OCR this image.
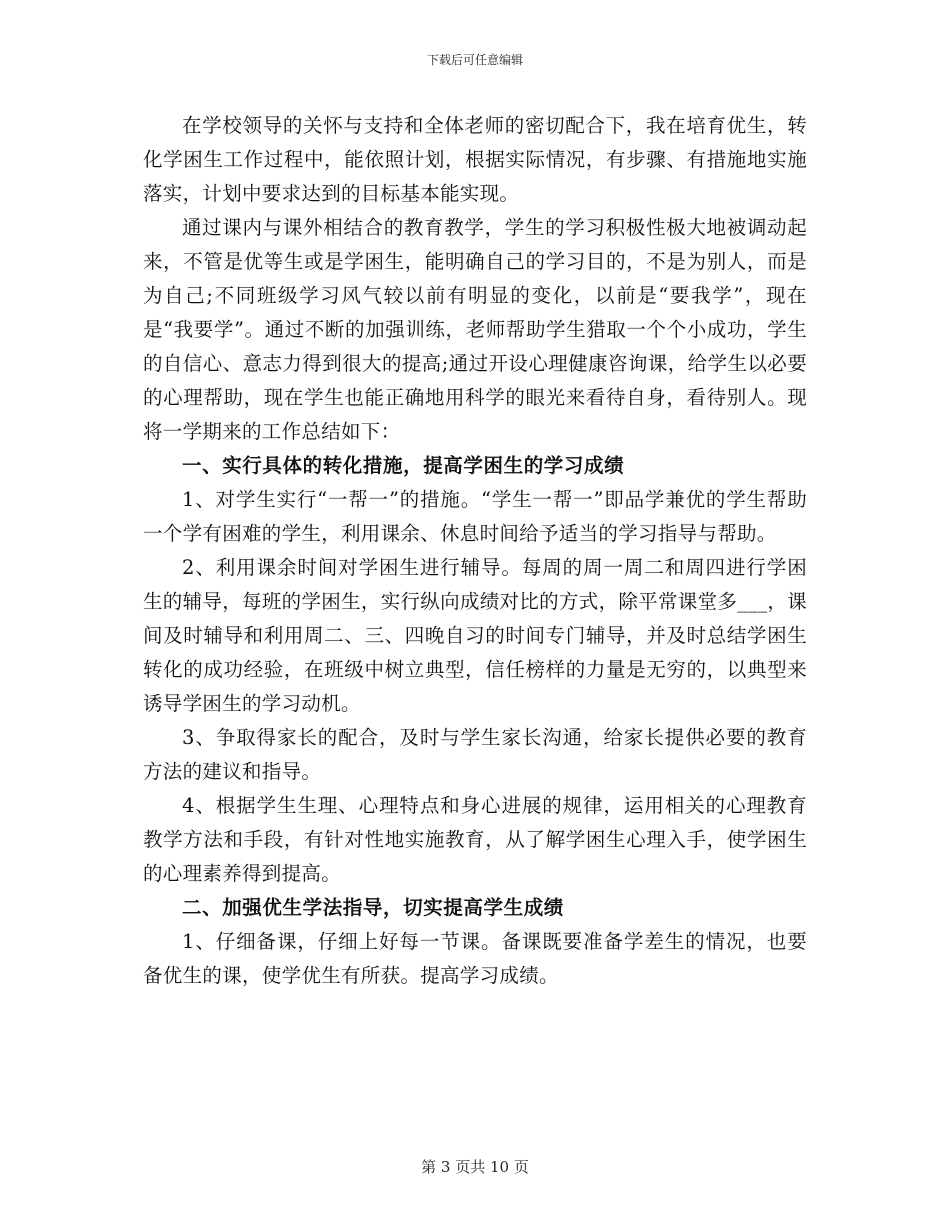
下载后可任意编辑

在学校领导的关怀与支持和全体老师的密切配合下，我在培育优生，转化学困生工作过程中，能依照计划，根据实际情况，有步骤、有措施地实施落实，计划中要求达到的目标基本能实现。

通过课内与课外相结合的教育教学，学生的学习积极性极大地被调动起来，不管是优等生或是学困生，能明确自己的学习目的，不是为别人，而是为自己;不同班级学习风气较以前有明显的变化，以前是“要我学”，现在是“我要学”。通过不断的加强训练，老师帮助学生猎取一个个小成功，学生的自信心、意志力得到很大的提高;通过开设心理健康咨询课，给学生以必要的心理帮助，现在学生也能正确地用科学的眼光来看待自身，看待别人。现将一学期来的工作总结如下：

一、实行具体的转化措施，提高学困生的学习成绩

1、对学生实行“一帮一”的措施。“学生一帮一”即品学兼优的学生帮助一个学有困难的学生，利用课余、休息时间给予适当的学习指导与帮助。

2、利用课余时间对学困生进行辅导。每周的周一周二和周四进行学困生的辅导，每班的学困生，实行纵向成绩对比的方式，除平常课堂多___，课间及时辅导和利用周二、三、四晚自习的时间专门辅导，并及时总结学困生转化的成功经验，在班级中树立典型，信任榜样的力量是无穷的，以典型来诱导学困生的学习动机。

3、争取得家长的配合，及时与学生家长沟通，给家长提供必要的教育方法的建议和指导。

4、根据学生生理、心理特点和身心进展的规律，运用相关的心理教育教学方法和手段，有针对性地实施教育，从了解学困生心理入手，使学困生的心理素养得到提高。

二、加强优生学法指导，切实提高学生成绩

1、仔细备课，仔细上好每一节课。备课既要准备学差生的情况，也要备优生的课，使学优生有所获。提高学习成绩。

第 3 页共 10 页
